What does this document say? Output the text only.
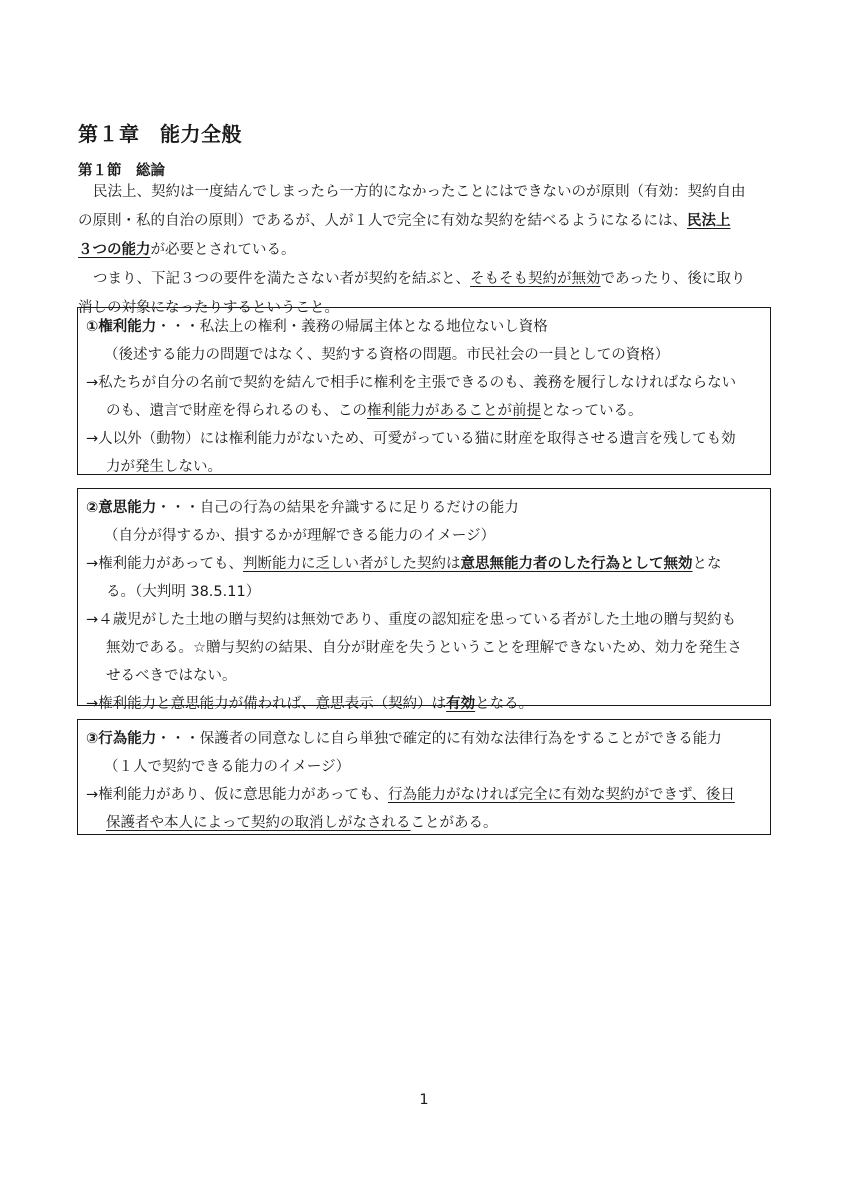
第１章　能力全般
第１節　総論

民法上、契約は一度結んでしまったら一方的になかったことにはできないのが原則（有効：契約自由

の原則・私的自治の原則）であるが、人が１人で完全に有効な契約を結べるようになるには、民法上

３つの能力が必要とされている。

つまり、下記３つの要件を満たさない者が契約を結ぶと、そもそも契約が無効であったり、後に取り

消しの対象になったりするということ。

①権利能力・・・私法上の権利・義務の帰属主体となる地位ないし資格

（後述する能力の問題ではなく、契約する資格の問題。市民社会の一員としての資格）

→私たちが自分の名前で契約を結んで相手に権利を主張できるのも、義務を履行しなければならない

のも、遺言で財産を得られるのも、この権利能力があることが前提となっている。

→人以外（動物）には権利能力がないため、可愛がっている猫に財産を取得させる遺言を残しても効

力が発生しない。

②意思能力・・・自己の行為の結果を弁識するに足りるだけの能力

（自分が得するか、損するかが理解できる能力のイメージ）

→権利能力があっても、判断能力に乏しい者がした契約は意思無能力者のした行為として無効とな

る。（大判明 38.5.11）

→４歳児がした土地の贈与契約は無効であり、重度の認知症を患っている者がした土地の贈与契約も

無効である。☆贈与契約の結果、自分が財産を失うということを理解できないため、効力を発生さ

せるべきではない。

→権利能力と意思能力が備われば、意思表示（契約）は有効となる。

③行為能力・・・保護者の同意なしに自ら単独で確定的に有効な法律行為をすることができる能力

（１人で契約できる能力のイメージ）

→権利能力があり、仮に意思能力があっても、行為能力がなければ完全に有効な契約ができず、後日

保護者や本人によって契約の取消しがなされることがある。

1
